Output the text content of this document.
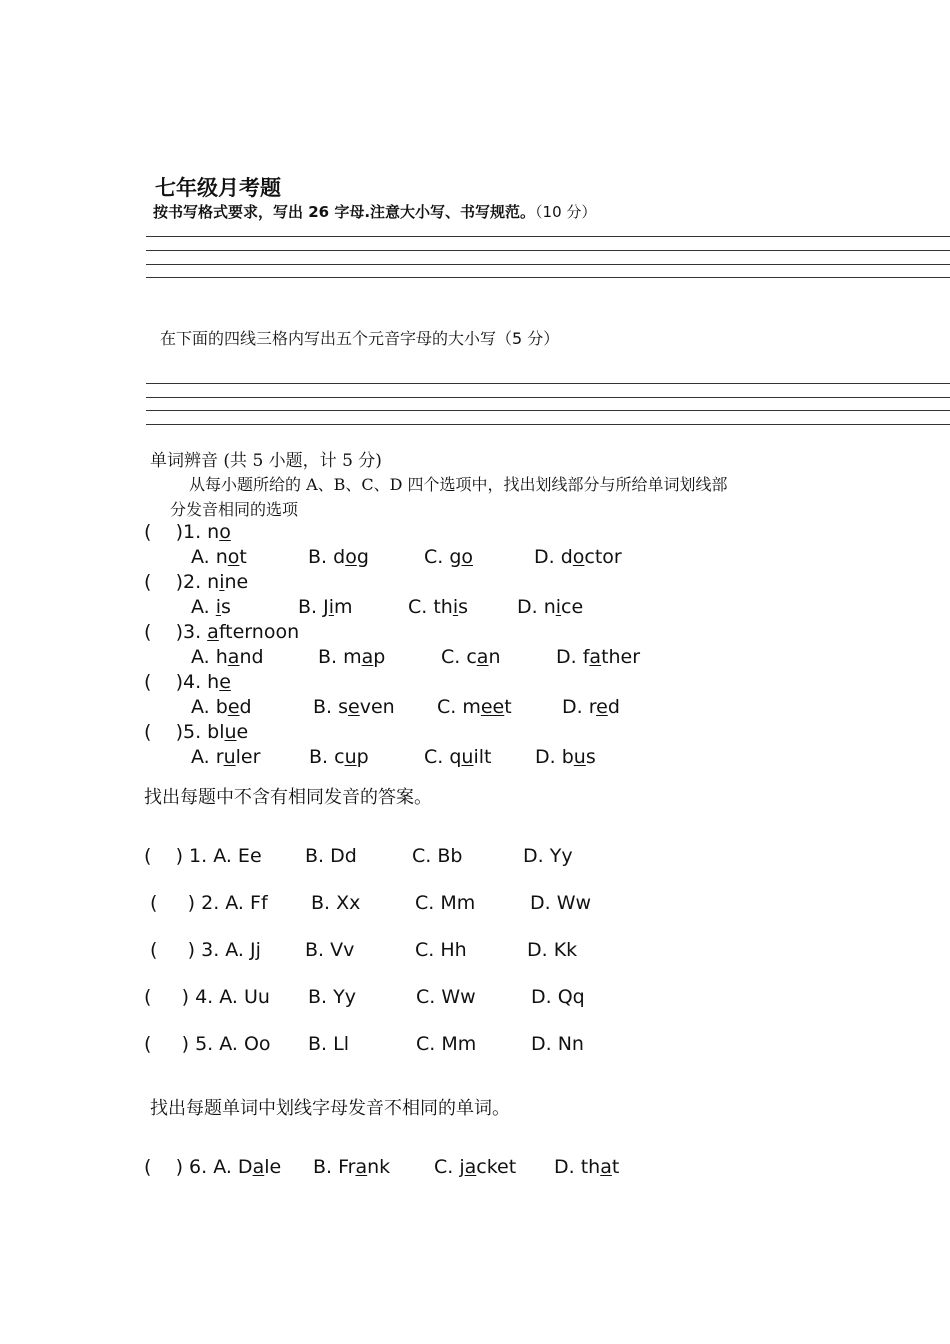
七年级月考题
按书写格式要求，写出 26 字母.注意大小写、书写规范。（10 分）
在下面的四线三格内写出五个元音字母的大小写（5 分）
单词辨音 (共 5 小题，计 5 分)
从每小题所给的 A、B、C、D 四个选项中，找出划线部分与所给单词划线部
分发音相同的选项
(    )1. no
A. not	B. dog	C. go	D. doctor
(    )2. nine
A. is	B. Jim	C. this	D. nice
(    )3. afternoon
A. hand	B. map	C. can	D. father
(    )4. he
A. bed	B. seven C. meet	D. red
(    )5. blue
A. ruler	B. cup	C. quilt D. bus
找出每题中不含有相同发音的答案。
(    ) 1. A. Ee B. Dd	C. Bb	D. Yy
(     ) 2. A. Ff B. Xx	C. Mm	D. Ww
(     ) 3. A. Jj B. Vv	C. Hh	D. Kk
(     ) 4. A. Uu B. Yy	C. Ww	D. Qq
(     ) 5. A. Oo B. Ll	C. Mm	D. Nn
找出每题单词中划线字母发音不相同的单词。
(    ) 6. A. Dale B. Frank C. jacket D. that
